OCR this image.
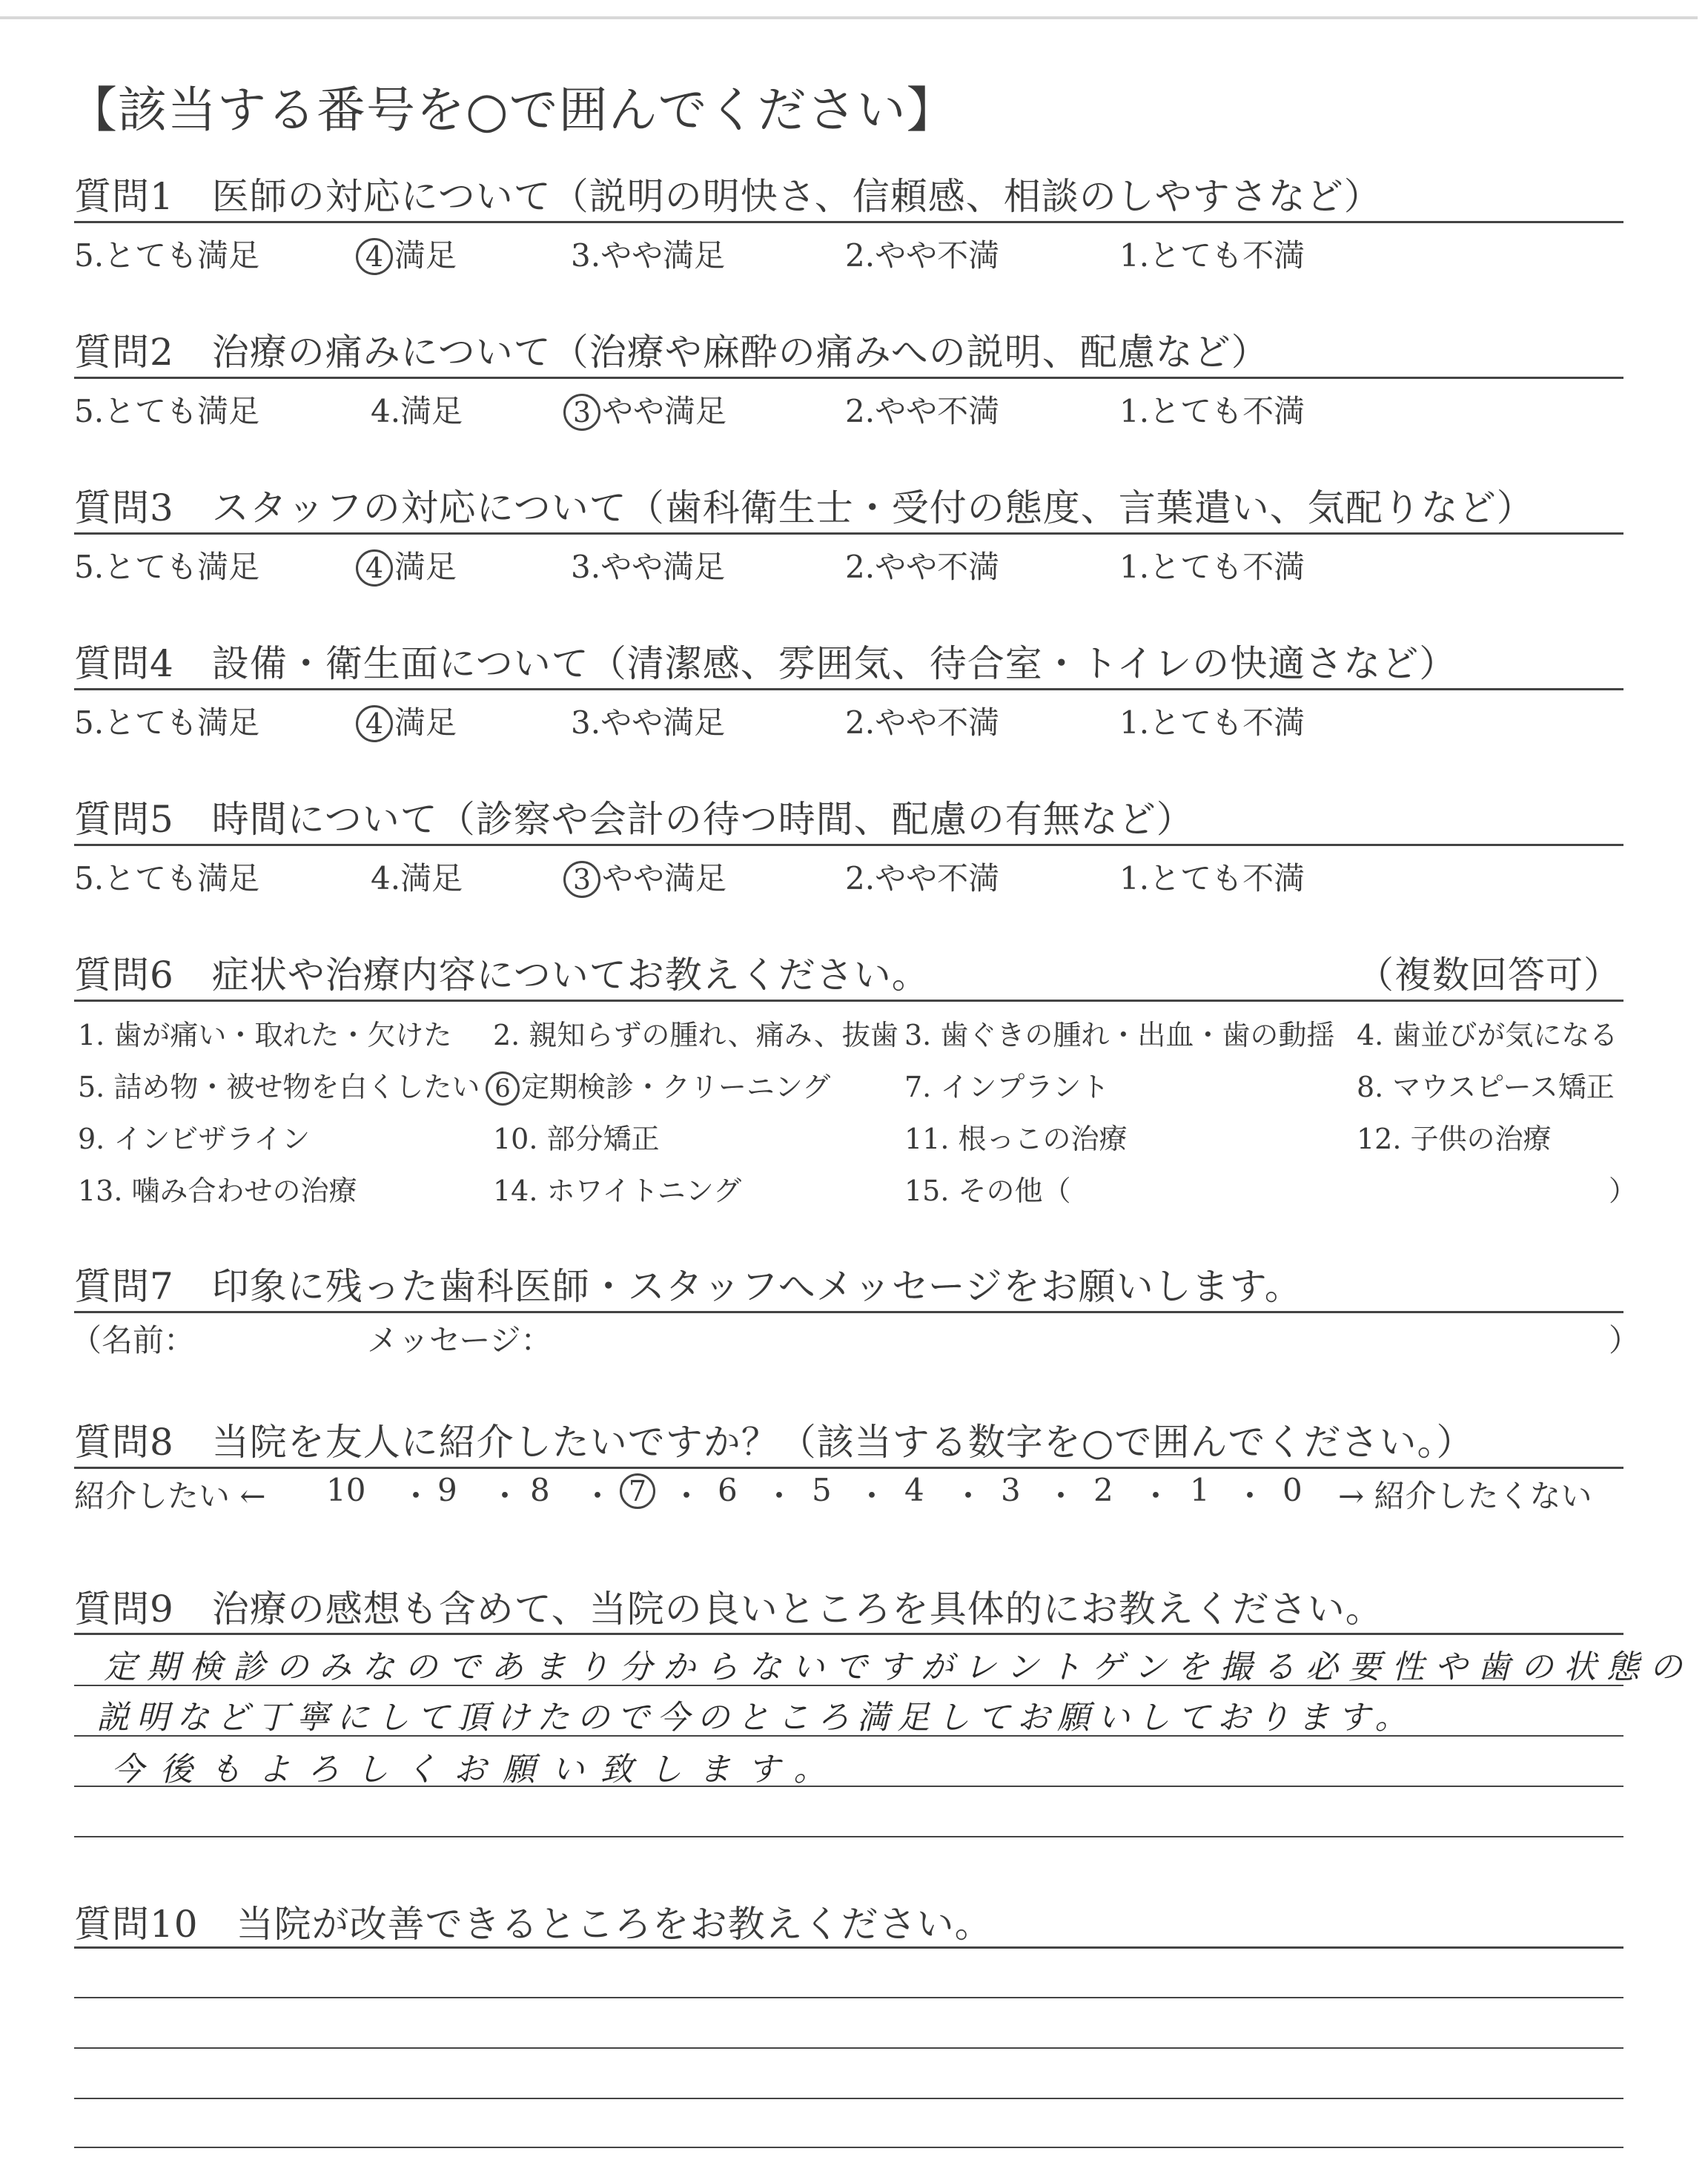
【該当する番号を○で囲んでください】
質問1　医師の対応について（説明の明快さ、信頼感、相談のしやすさなど）
5.とても満足	4 満足	3.やや満足	2.やや不満	1.とても不満
質問2　治療の痛みについて（治療や麻酔の痛みへの説明、配慮など）
5.とても満足	4.満足	3 やや満足	2.やや不満	1.とても不満
質問3　スタッフの対応について（歯科衛生士・受付の態度、言葉遣い、気配りなど）
5.とても満足	4 満足	3.やや満足	2.やや不満	1.とても不満
質問4　設備・衛生面について（清潔感、雰囲気、待合室・トイレの快適さなど）
5.とても満足	4 満足	3.やや満足	2.やや不満	1.とても不満
質問5　時間について（診察や会計の待つ時間、配慮の有無など）
5.とても満足	4.満足	3 やや満足	2.やや不満	1.とても不満
質問6　症状や治療内容についてお教えください。	（複数回答可）
1. 歯が痛い・取れた・欠けた 2. 親知らずの腫れ、痛み、抜歯 3. 歯ぐきの腫れ・出血・歯の動揺 4. 歯並びが気になる
5. 詰め物・被せ物を白くしたい 6 定期検診・クリーニング	7. インプラント	8. マウスピース矯正
9. インビザライン	10. 部分矯正	11. 根っこの治療	12. 子供の治療
13. 噛み合わせの治療	14. ホワイトニング	15. その他（	）
質問7　印象に残った歯科医師・スタッフへメッセージをお願いします。
（名前：	メッセージ：	）
質問8　当院を友人に紹介したいですか？（該当する数字を○で囲んでください。）
紹介したい ← 10 ・ 9 ・ 8 ・ 7 ・ 6 ・ 5 ・ 4 ・ 3 ・ 2 ・ 1 ・ 0 → 紹介したくない
質問9　治療の感想も含めて、当院の良いところを具体的にお教えください。
定期検診のみなのであまり分からないですがレントゲンを撮る必要性や歯の状態の
説明など丁寧にして頂けたので今のところ満足してお願いしております。
今後もよろしくお願い致します。
質問10　当院が改善できるところをお教えください。
